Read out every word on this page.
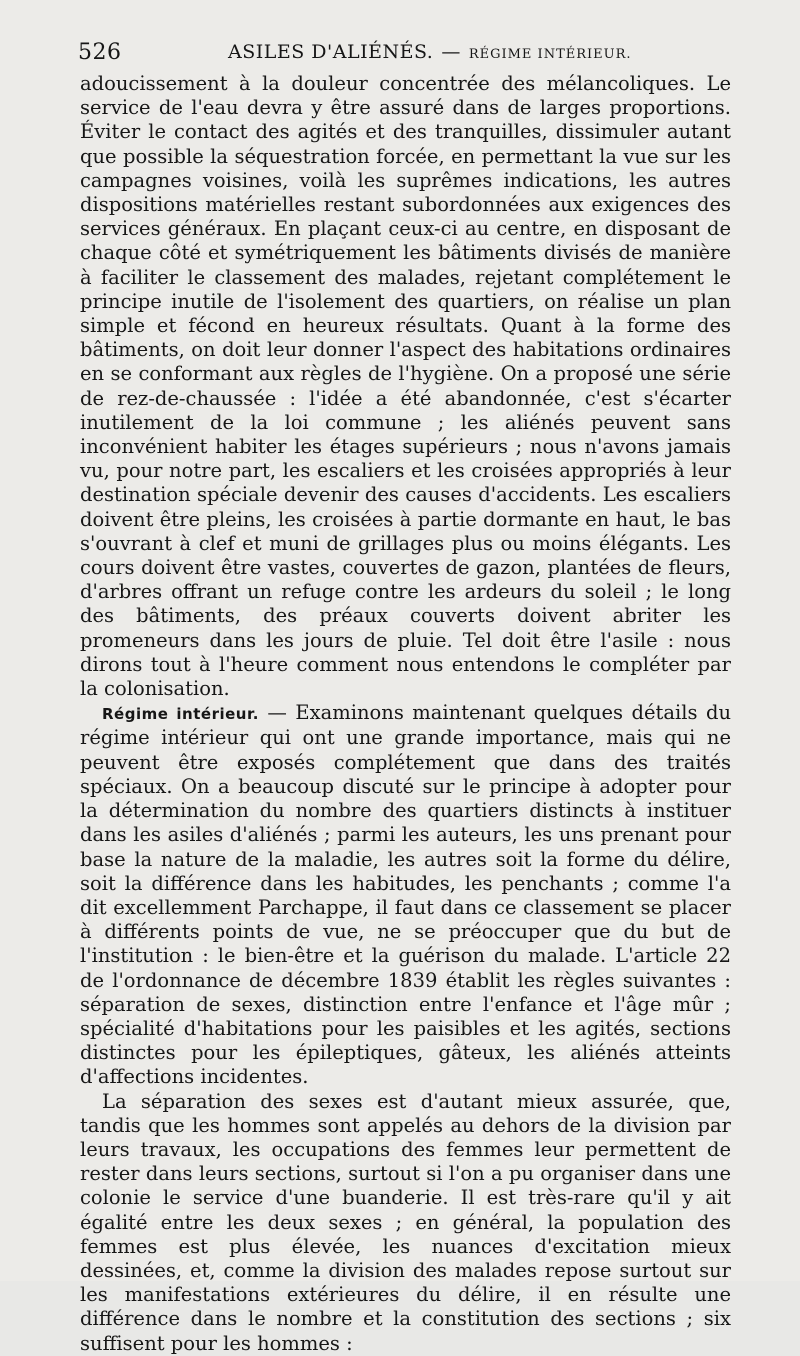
526	ASILES D'ALIÉNÉS. — RÉGIME INTÉRIEUR.

adoucissement à la douleur concentrée des mélancoliques. Le service de l'eau devra y être assuré dans de larges proportions. Éviter le contact des agités et des tranquilles, dissimuler autant que possible la séquestration forcée, en permettant la vue sur les campagnes voisines, voilà les suprêmes indications, les autres dispositions matérielles restant subordonnées aux exigences des services généraux. En plaçant ceux-ci au centre, en disposant de chaque côté et symétriquement les bâtiments divisés de manière à faciliter le classement des malades, rejetant complétement le principe inutile de l'isolement des quartiers, on réalise un plan simple et fécond en heureux résultats. Quant à la forme des bâtiments, on doit leur donner l'aspect des habitations ordinaires en se conformant aux règles de l'hygiène. On a proposé une série de rez-de-chaussée : l'idée a été abandonnée, c'est s'écarter inutilement de la loi commune ; les aliénés peuvent sans inconvénient habiter les étages supérieurs ; nous n'avons jamais vu, pour notre part, les escaliers et les croisées appropriés à leur destination spéciale devenir des causes d'accidents. Les escaliers doivent être pleins, les croisées à partie dormante en haut, le bas s'ouvrant à clef et muni de grillages plus ou moins élégants. Les cours doivent être vastes, couvertes de gazon, plantées de fleurs, d'arbres offrant un refuge contre les ardeurs du soleil ; le long des bâtiments, des préaux couverts doivent abriter les promeneurs dans les jours de pluie. Tel doit être l'asile : nous dirons tout à l'heure comment nous entendons le compléter par la colonisation.

Régime intérieur. — Examinons maintenant quelques détails du régime intérieur qui ont une grande importance, mais qui ne peuvent être exposés complétement que dans des traités spéciaux. On a beaucoup discuté sur le principe à adopter pour la détermination du nombre des quartiers distincts à instituer dans les asiles d'aliénés ; parmi les auteurs, les uns prenant pour base la nature de la maladie, les autres soit la forme du délire, soit la différence dans les habitudes, les penchants ; comme l'a dit excellemment Parchappe, il faut dans ce classement se placer à différents points de vue, ne se préoccuper que du but de l'institution : le bien-être et la guérison du malade. L'article 22 de l'ordonnance de décembre 1839 établit les règles suivantes : séparation de sexes, distinction entre l'enfance et l'âge mûr ; spécialité d'habitations pour les paisibles et les agités, sections distinctes pour les épileptiques, gâteux, les aliénés atteints d'affections incidentes.

La séparation des sexes est d'autant mieux assurée, que, tandis que les hommes sont appelés au dehors de la division par leurs travaux, les occupations des femmes leur permettent de rester dans leurs sections, surtout si l'on a pu organiser dans une colonie le service d'une buanderie. Il est très-rare qu'il y ait égalité entre les deux sexes ; en général, la population des femmes est plus élevée, les nuances d'excitation mieux dessinées, et, comme la division des malades repose surtout sur les manifestations extérieures du délire, il en résulte une différence dans le nombre et la constitution des sections ; six suffisent pour les hommes :
